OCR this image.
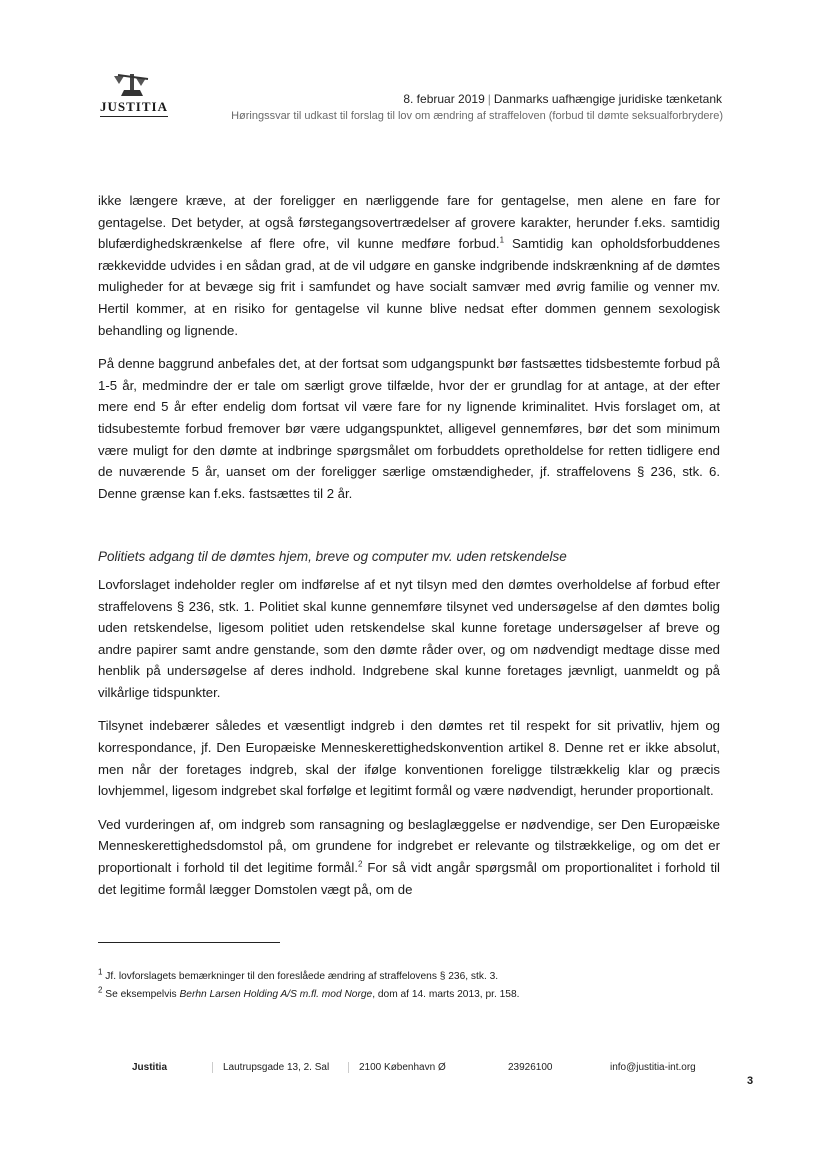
JUSTITIA	8. februar 2019 | Danmarks uafhængige juridiske tænketank
Høringssvar til udkast til forslag til lov om ændring af straffeloven (forbud til dømte seksualforbrydere)

ikke længere kræve, at der foreligger en nærliggende fare for gentagelse, men alene en fare for gentagelse. Det betyder, at også førstegangsovertrædelser af grovere karakter, herunder f.eks. samtidig blufærdighedskrænkelse af flere ofre, vil kunne medføre forbud.$^1$ Samtidig kan opholdsforbuddenes rækkevidde udvides i en sådan grad, at de vil udgøre en ganske indgribende indskrænkning af de dømtes muligheder for at bevæge sig frit i samfundet og have socialt samvær med øvrig familie og venner mv. Hertil kommer, at en risiko for gentagelse vil kunne blive nedsat efter dommen gennem sexologisk behandling og lignende.

På denne baggrund anbefales det, at der fortsat som udgangspunkt bør fastsættes tidsbestemte forbud på 1-5 år, medmindre der er tale om særligt grove tilfælde, hvor der er grundlag for at antage, at der efter mere end 5 år efter endelig dom fortsat vil være fare for ny lignende kriminalitet. Hvis forslaget om, at tidsubestemte forbud fremover bør være udgangspunktet, alligevel gennemføres, bør det som minimum være muligt for den dømte at indbringe spørgsmålet om forbuddets opretholdelse for retten tidligere end de nuværende 5 år, uanset om der foreligger særlige omstændigheder, jf. straffelovens § 236, stk. 6. Denne grænse kan f.eks. fastsættes til 2 år.

Politiets adgang til de dømtes hjem, breve og computer mv. uden retskendelse

Lovforslaget indeholder regler om indførelse af et nyt tilsyn med den dømtes overholdelse af forbud efter straffelovens § 236, stk. 1. Politiet skal kunne gennemføre tilsynet ved undersøgelse af den dømtes bolig uden retskendelse, ligesom politiet uden retskendelse skal kunne foretage undersøgelser af breve og andre papirer samt andre genstande, som den dømte råder over, og om nødvendigt medtage disse med henblik på undersøgelse af deres indhold. Indgrebene skal kunne foretages jævnligt, uanmeldt og på vilkårlige tidspunkter.

Tilsynet indebærer således et væsentligt indgreb i den dømtes ret til respekt for sit privatliv, hjem og korrespondance, jf. Den Europæiske Menneskerettighedskonvention artikel 8. Denne ret er ikke absolut, men når der foretages indgreb, skal der ifølge konventionen foreligge tilstrækkelig klar og præcis lovhjemmel, ligesom indgrebet skal forfølge et legitimt formål og være nødvendigt, herunder proportionalt.

Ved vurderingen af, om indgreb som ransagning og beslaglæggelse er nødvendige, ser Den Europæiske Menneskerettighedsdomstol på, om grundene for indgrebet er relevante og tilstrækkelige, og om det er proportionalt i forhold til det legitime formål.$^2$ For så vidt angår spørgsmål om proportionalitet i forhold til det legitime formål lægger Domstolen vægt på, om de

$^1$ Jf. lovforslagets bemærkninger til den foreslåede ændring af straffelovens § 236, stk. 3.
$^2$ Se eksempelvis Berhn Larsen Holding A/S m.fl. mod Norge, dom af 14. marts 2013, pr. 158.
Justitia	Lautrupsgade 13, 2. Sal	2100 København Ø	23926100	info@justitia-int.org
3
